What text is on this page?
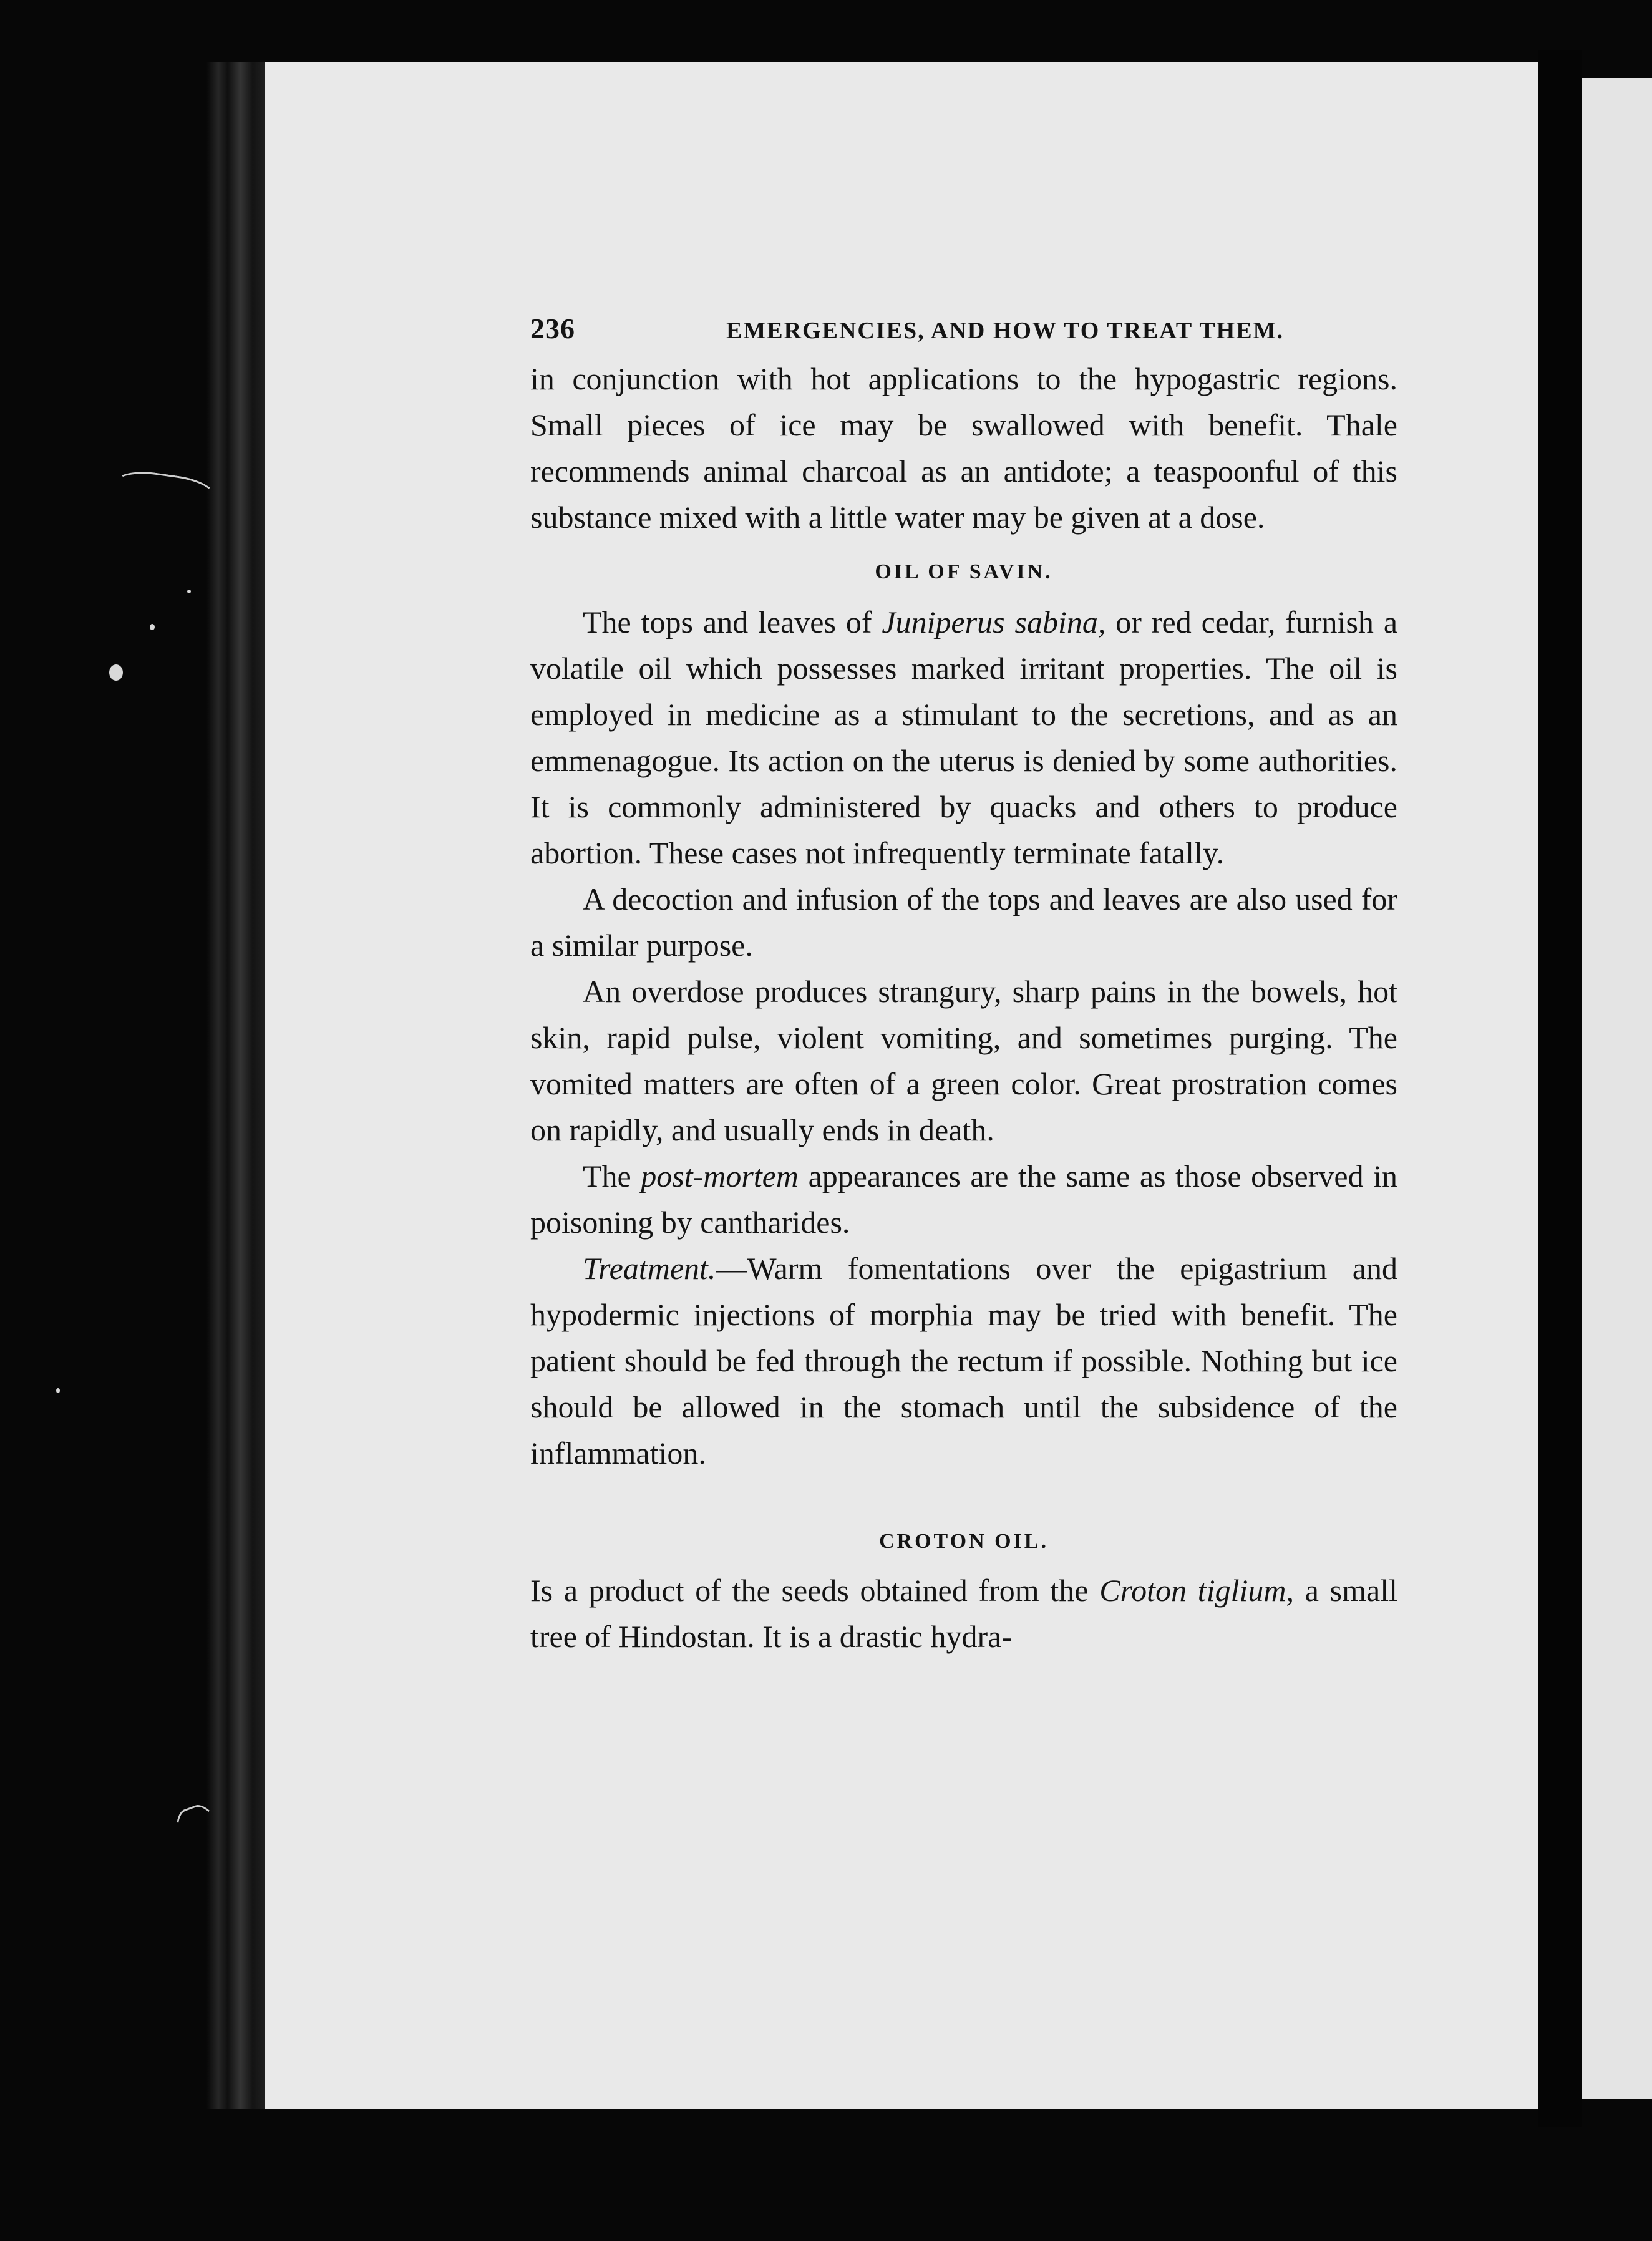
236	EMERGENCIES, AND HOW TO TREAT THEM.

in conjunction with hot applications to the hypogastric regions. Small pieces of ice may be swallowed with benefit. Thale recommends animal charcoal as an antidote; a teaspoonful of this substance mixed with a little water may be given at a dose.

OIL OF SAVIN.

The tops and leaves of Juniperus sabina, or red cedar, furnish a volatile oil which possesses marked irritant properties. The oil is employed in medicine as a stimulant to the secretions, and as an emmenagogue. Its action on the uterus is denied by some authorities. It is commonly administered by quacks and others to produce abortion. These cases not infrequently terminate fatally.

A decoction and infusion of the tops and leaves are also used for a similar purpose.

An overdose produces strangury, sharp pains in the bowels, hot skin, rapid pulse, violent vomiting, and sometimes purging. The vomited matters are often of a green color. Great prostration comes on rapidly, and usually ends in death.

The post-mortem appearances are the same as those observed in poisoning by cantharides.

Treatment.—Warm fomentations over the epigastrium and hypodermic injections of morphia may be tried with benefit. The patient should be fed through the rectum if possible. Nothing but ice should be allowed in the stomach until the subsidence of the inflammation.

CROTON OIL.

Is a product of the seeds obtained from the Croton tiglium, a small tree of Hindostan. It is a drastic hydra-
